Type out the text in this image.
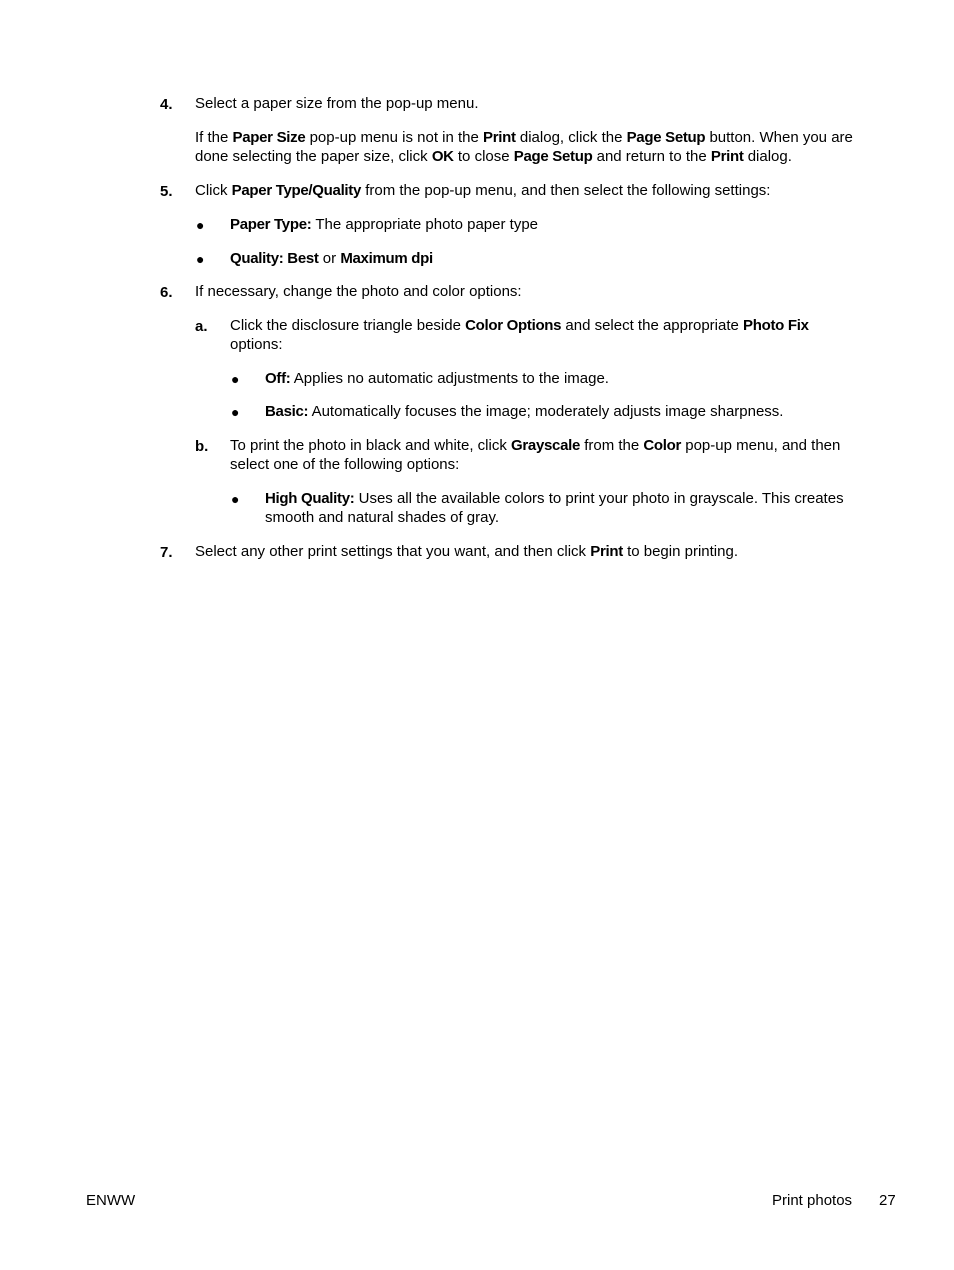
4. Select a paper size from the pop-up menu.
If the Paper Size pop-up menu is not in the Print dialog, click the Page Setup button. When you are done selecting the paper size, click OK to close Page Setup and return to the Print dialog.
5. Click Paper Type/Quality from the pop-up menu, and then select the following settings:
● Paper Type: The appropriate photo paper type
● Quality: Best or Maximum dpi
6. If necessary, change the photo and color options:
a. Click the disclosure triangle beside Color Options and select the appropriate Photo Fix options:
● Off: Applies no automatic adjustments to the image.
● Basic: Automatically focuses the image; moderately adjusts image sharpness.
b. To print the photo in black and white, click Grayscale from the Color pop-up menu, and then select one of the following options:
● High Quality: Uses all the available colors to print your photo in grayscale. This creates smooth and natural shades of gray.
7. Select any other print settings that you want, and then click Print to begin printing.
ENWW	Print photos 27
